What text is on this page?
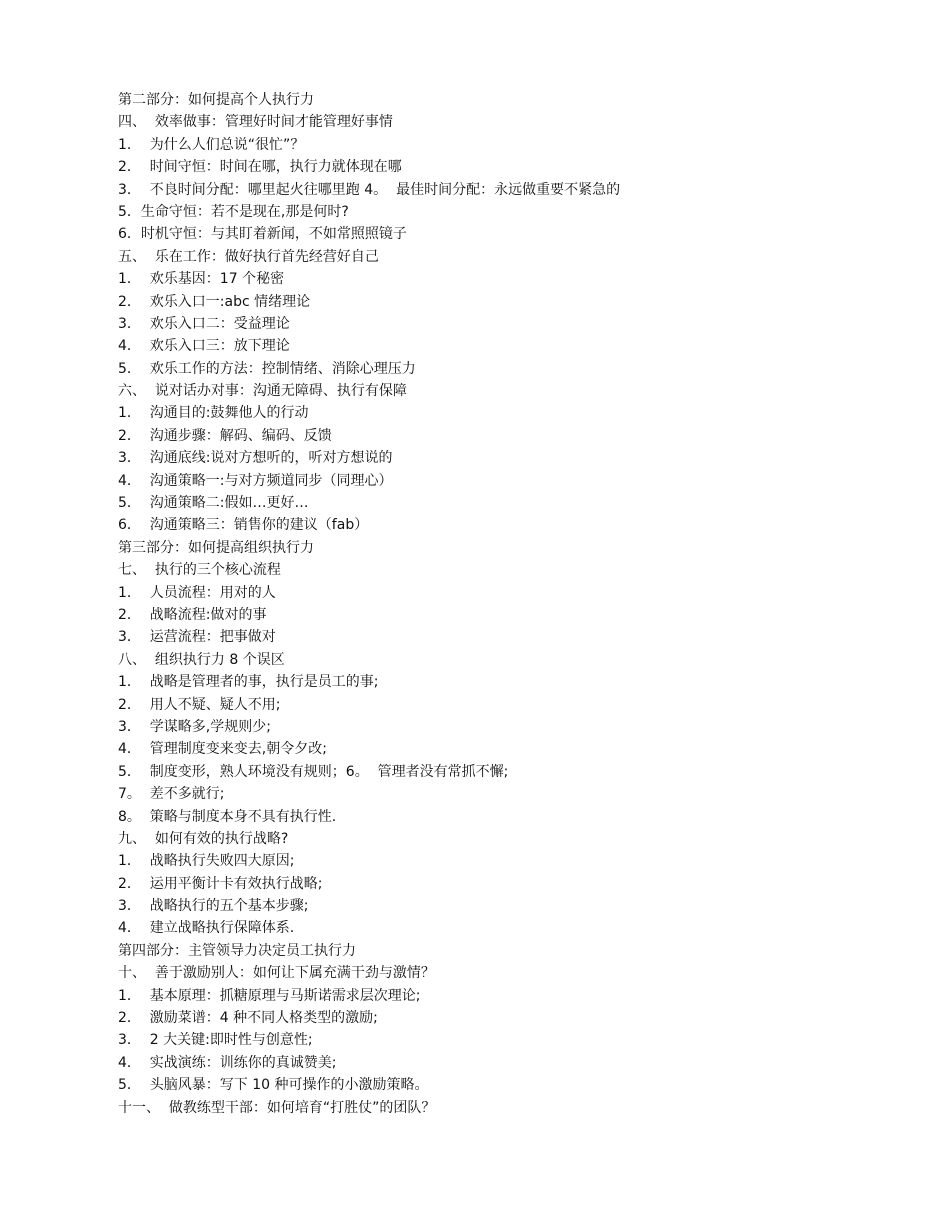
第二部分：如何提高个人执行力
四、  效率做事：管理好时间才能管理好事情
1．  为什么人们总说“很忙”？
2．  时间守恒：时间在哪，执行力就体现在哪
3．  不良时间分配：哪里起火往哪里跑 4。  最佳时间分配：永远做重要不紧急的
5．生命守恒：若不是现在,那是何时?
6．时机守恒：与其盯着新闻，不如常照照镜子
五、  乐在工作：做好执行首先经营好自己
1．  欢乐基因：17 个秘密
2．  欢乐入口一:abc 情绪理论
3．  欢乐入口二：受益理论
4．  欢乐入口三：放下理论
5．  欢乐工作的方法：控制情绪、消除心理压力
六、  说对话办对事：沟通无障碍、执行有保障
1．  沟通目的:鼓舞他人的行动
2．  沟通步骤：解码、编码、反馈
3．  沟通底线:说对方想听的，听对方想说的
4．  沟通策略一:与对方频道同步（同理心）
5．  沟通策略二:假如…更好…
6．  沟通策略三：销售你的建议（fab）
第三部分：如何提高组织执行力
七、  执行的三个核心流程
1．  人员流程：用对的人
2．  战略流程:做对的事
3．  运营流程：把事做对
八、  组织执行力 8 个误区
1．  战略是管理者的事，执行是员工的事;
2．  用人不疑、疑人不用;
3．  学谋略多,学规则少;
4．  管理制度变来变去,朝令夕改;
5．  制度变形，熟人环境没有规则；6。  管理者没有常抓不懈;
7。  差不多就行;
8。  策略与制度本身不具有执行性.
九、  如何有效的执行战略?
1．  战略执行失败四大原因;
2．  运用平衡计卡有效执行战略;
3．  战略执行的五个基本步骤;
4．  建立战略执行保障体系.
第四部分：主管领导力决定员工执行力
十、  善于激励别人：如何让下属充满干劲与激情？
1．  基本原理：抓糖原理与马斯诺需求层次理论;
2．  激励菜谱：4 种不同人格类型的激励;
3．  2 大关键:即时性与创意性;
4．  实战演练：训练你的真诚赞美;
5．  头脑风暴：写下 10 种可操作的小激励策略。
十一、  做教练型干部：如何培育“打胜仗”的团队？
